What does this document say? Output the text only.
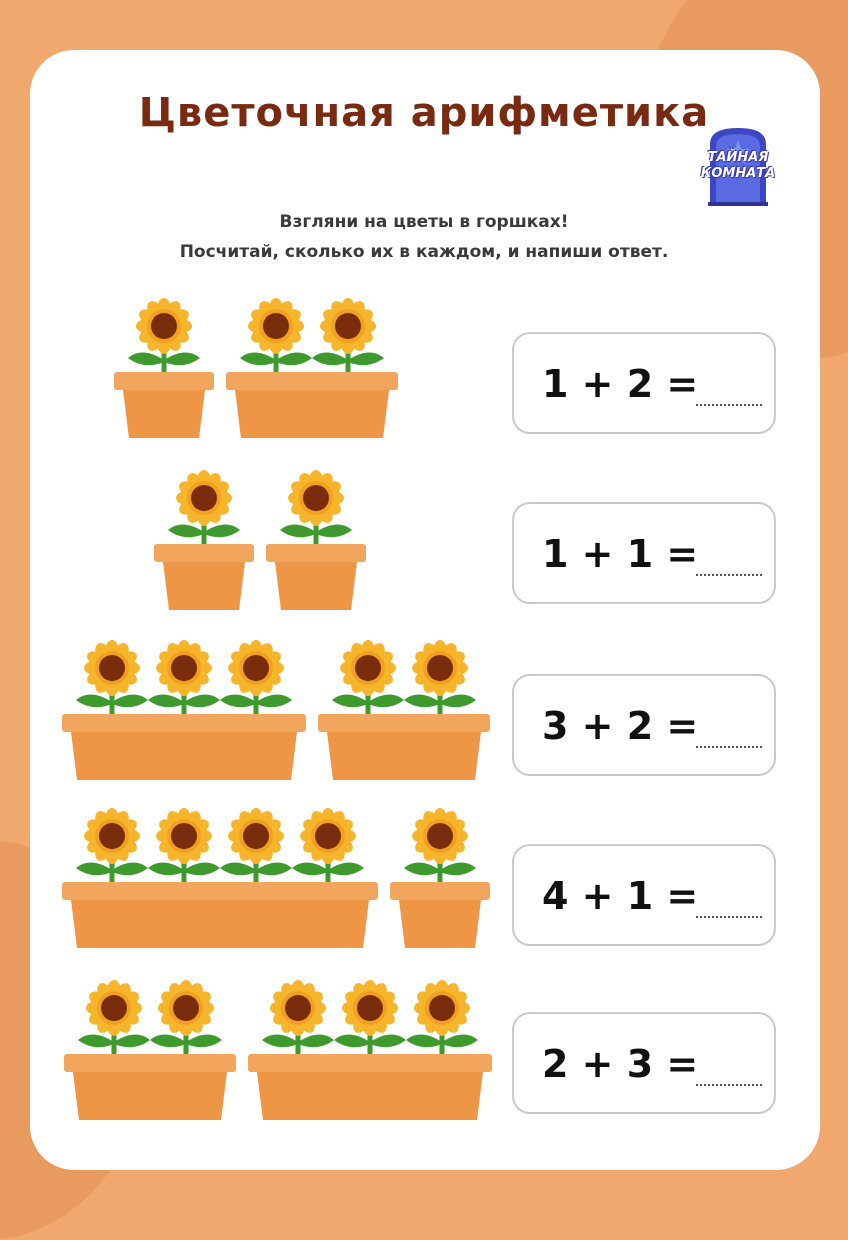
Цветочная арифметика
ТАЙНАЯ
КОМНАТА
Взгляни на цветы в горшках!
Посчитай, сколько их в каждом, и напиши ответ.
1 + 2 =
1 + 1 =
3 + 2 =
4 + 1 =
2 + 3 =
